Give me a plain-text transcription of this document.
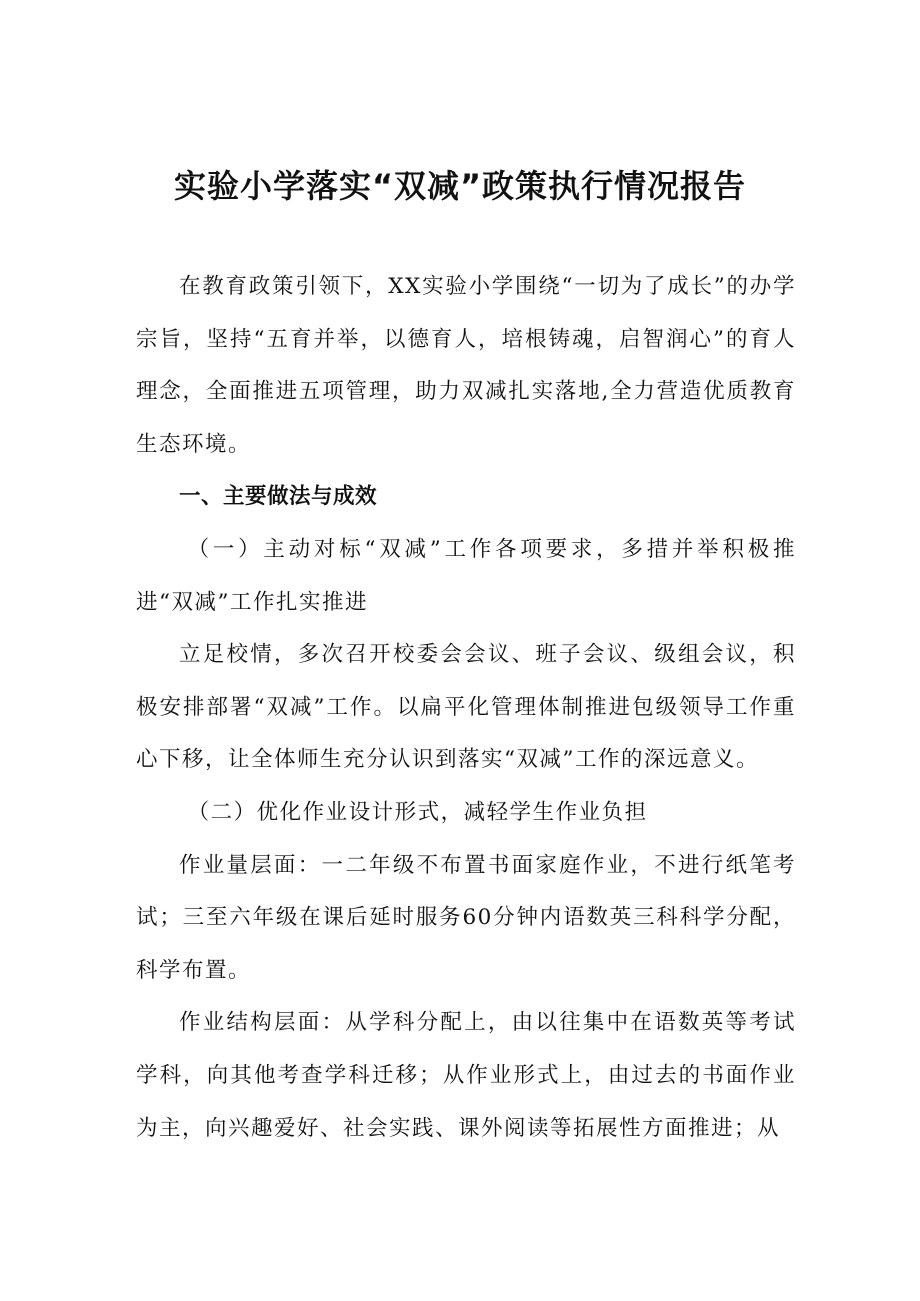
实验小学落实“双减”政策执行情况报告

在教育政策引领下，XX实验小学围绕“一切为了成长”的办学宗旨，坚持“五育并举，以德育人，培根铸魂，启智润心”的育人理念，全面推进五项管理，助力双减扎实落地,全力营造优质教育生态环境。

一、主要做法与成效

（一）主动对标“双减”工作各项要求，多措并举积极推进“双减”工作扎实推进

立足校情，多次召开校委会会议、班子会议、级组会议，积极安排部署“双减”工作。以扁平化管理体制推进包级领导工作重心下移，让全体师生充分认识到落实“双减”工作的深远意义。

（二）优化作业设计形式，减轻学生作业负担

作业量层面：一二年级不布置书面家庭作业，不进行纸笔考试；三至六年级在课后延时服务60分钟内语数英三科科学分配，科学布置。

作业结构层面：从学科分配上，由以往集中在语数英等考试学科，向其他考查学科迁移；从作业形式上，由过去的书面作业为主，向兴趣爱好、社会实践、课外阅读等拓展性方面推进；从
